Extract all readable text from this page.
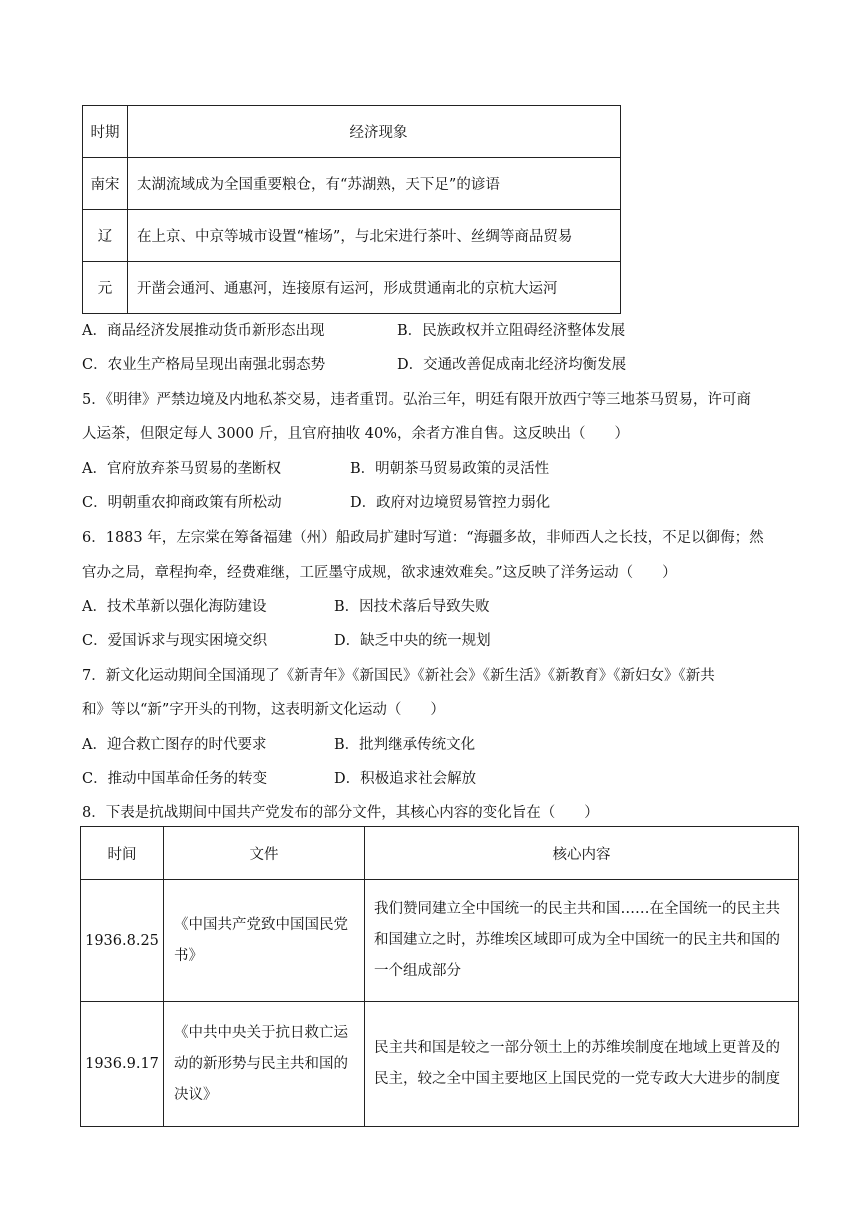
时期	经济现象
南宋	太湖流域成为全国重要粮仓，有“苏湖熟，天下足”的谚语
辽	在上京、中京等城市设置“榷场”，与北宋进行茶叶、丝绸等商品贸易
元	开凿会通河、通惠河，连接原有运河，形成贯通南北的京杭大运河
A．商品经济发展推动货币新形态出现	B．民族政权并立阻碍经济整体发展
C．农业生产格局呈现出南强北弱态势	D．交通改善促成南北经济均衡发展
5．《明律》严禁边境及内地私茶交易，违者重罚。弘治三年，明廷有限开放西宁等三地茶马贸易，许可商
人运茶，但限定每人 3000 斤，且官府抽收 40%，余者方准自售。这反映出（　　）
A．官府放弃茶马贸易的垄断权	B．明朝茶马贸易政策的灵活性
C．明朝重农抑商政策有所松动	D．政府对边境贸易管控力弱化
6．1883 年，左宗棠在筹备福建（州）船政局扩建时写道：“海疆多故，非师西人之长技，不足以御侮；然
官办之局，章程拘牵，经费难继，工匠墨守成规，欲求速效难矣。”这反映了洋务运动（　　）
A．技术革新以强化海防建设	B．因技术落后导致失败
C．爱国诉求与现实困境交织	D．缺乏中央的统一规划
7．新文化运动期间全国涌现了《新青年》《新国民》《新社会》《新生活》《新教育》《新妇女》《新共
和》等以“新”字开头的刊物，这表明新文化运动（　　）
A．迎合救亡图存的时代要求	B．批判继承传统文化
C．推动中国革命任务的转变	D．积极追求社会解放
8．下表是抗战期间中国共产党发布的部分文件，其核心内容的变化旨在（　　）
时间	文件	核心内容
1936.8.25	《中国共产党致中国国民党书》	我们赞同建立全中国统一的民主共和国……在全国统一的民主共和国建立之时，苏维埃区域即可成为全中国统一的民主共和国的一个组成部分

1936.9.17	《中共中央关于抗日救亡运动的新形势与民主共和国的决议》	民主共和国是较之一部分领土上的苏维埃制度在地域上更普及的民主，较之全中国主要地区上国民党的一党专政大大进步的制度
